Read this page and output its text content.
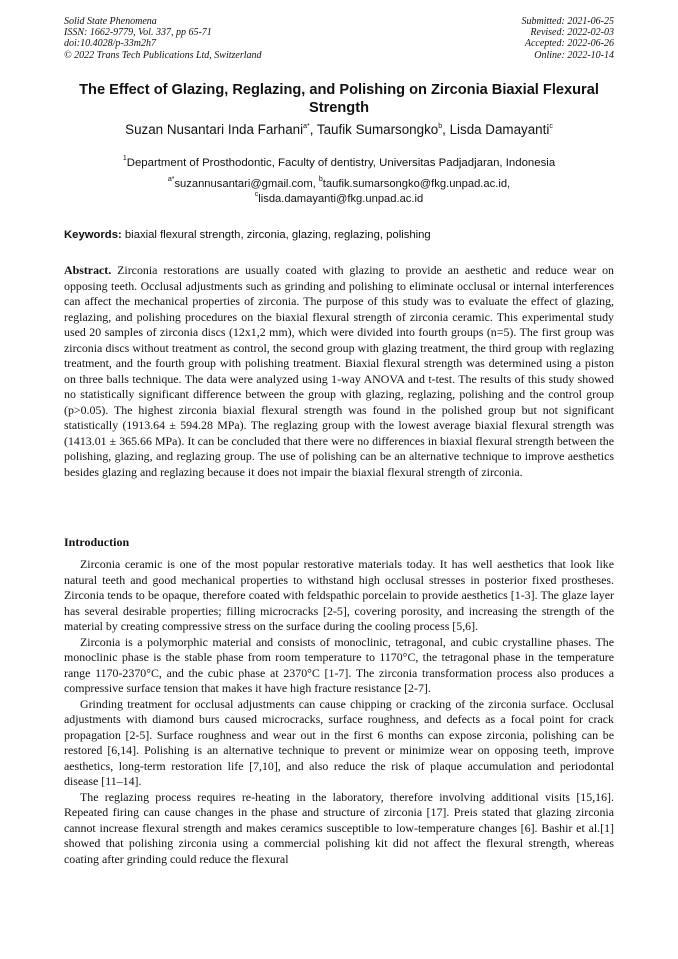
Solid State Phenomena
ISSN: 1662-9779, Vol. 337, pp 65-71
doi:10.4028/p-33m2h7
© 2022 Trans Tech Publications Ltd, Switzerland
Submitted: 2021-06-25
Revised: 2022-02-03
Accepted: 2022-06-26
Online: 2022-10-14
The Effect of Glazing, Reglazing, and Polishing on Zirconia Biaxial Flexural Strength
Suzan Nusantari Inda Farhani$^{a*}$, Taufik Sumarsongko$^b$, Lisda Damayanti$^c$
$^1$Department of Prosthodontic, Faculty of dentistry, Universitas Padjadjaran, Indonesia
$^{a*}$suzannusantari@gmail.com, $^b$taufik.sumarsongko@fkg.unpad.ac.id,
$^c$lisda.damayanti@fkg.unpad.ac.id
Keywords: biaxial flexural strength, zirconia, glazing, reglazing, polishing
Abstract. Zirconia restorations are usually coated with glazing to provide an aesthetic and reduce wear on opposing teeth. Occlusal adjustments such as grinding and polishing to eliminate occlusal or internal interferences can affect the mechanical properties of zirconia. The purpose of this study was to evaluate the effect of glazing, reglazing, and polishing procedures on the biaxial flexural strength of zirconia ceramic. This experimental study used 20 samples of zirconia discs (12x1,2 mm), which were divided into fourth groups (n=5). The first group was zirconia discs without treatment as control, the second group with glazing treatment, the third group with reglazing treatment, and the fourth group with polishing treatment. Biaxial flexural strength was determined using a piston on three balls technique. The data were analyzed using 1-way ANOVA and t-test. The results of this study showed no statistically significant difference between the group with glazing, reglazing, polishing and the control group (p>0.05). The highest zirconia biaxial flexural strength was found in the polished group but not significant statistically (1913.64 ± 594.28 MPa). The reglazing group with the lowest average biaxial flexural strength was (1413.01 ± 365.66 MPa). It can be concluded that there were no differences in biaxial flexural strength between the polishing, glazing, and reglazing group. The use of polishing can be an alternative technique to improve aesthetics besides glazing and reglazing because it does not impair the biaxial flexural strength of zirconia.
Introduction

Zirconia ceramic is one of the most popular restorative materials today. It has well aesthetics that look like natural teeth and good mechanical properties to withstand high occlusal stresses in posterior fixed prostheses. Zirconia tends to be opaque, therefore coated with feldspathic porcelain to provide aesthetics [1-3]. The glaze layer has several desirable properties; filling microcracks [2-5], covering porosity, and increasing the strength of the material by creating compressive stress on the surface during the cooling process [5,6].

Zirconia is a polymorphic material and consists of monoclinic, tetragonal, and cubic crystalline phases. The monoclinic phase is the stable phase from room temperature to 1170°C, the tetragonal phase in the temperature range 1170-2370°C, and the cubic phase at 2370°C [1-7]. The zirconia transformation process also produces a compressive surface tension that makes it have high fracture resistance [2-7].

Grinding treatment for occlusal adjustments can cause chipping or cracking of the zirconia surface. Occlusal adjustments with diamond burs caused microcracks, surface roughness, and defects as a focal point for crack propagation [2-5]. Surface roughness and wear out in the first 6 months can expose zirconia, polishing can be restored [6,14]. Polishing is an alternative technique to prevent or minimize wear on opposing teeth, improve aesthetics, long-term restoration life [7,10], and also reduce the risk of plaque accumulation and periodontal disease [11–14].

The reglazing process requires re-heating in the laboratory, therefore involving additional visits [15,16]. Repeated firing can cause changes in the phase and structure of zirconia [17]. Preis stated that glazing zirconia cannot increase flexural strength and makes ceramics susceptible to low-temperature changes [6]. Bashir et al.[1] showed that polishing zirconia using a commercial polishing kit did not affect the flexural strength, whereas coating after grinding could reduce the flexural
